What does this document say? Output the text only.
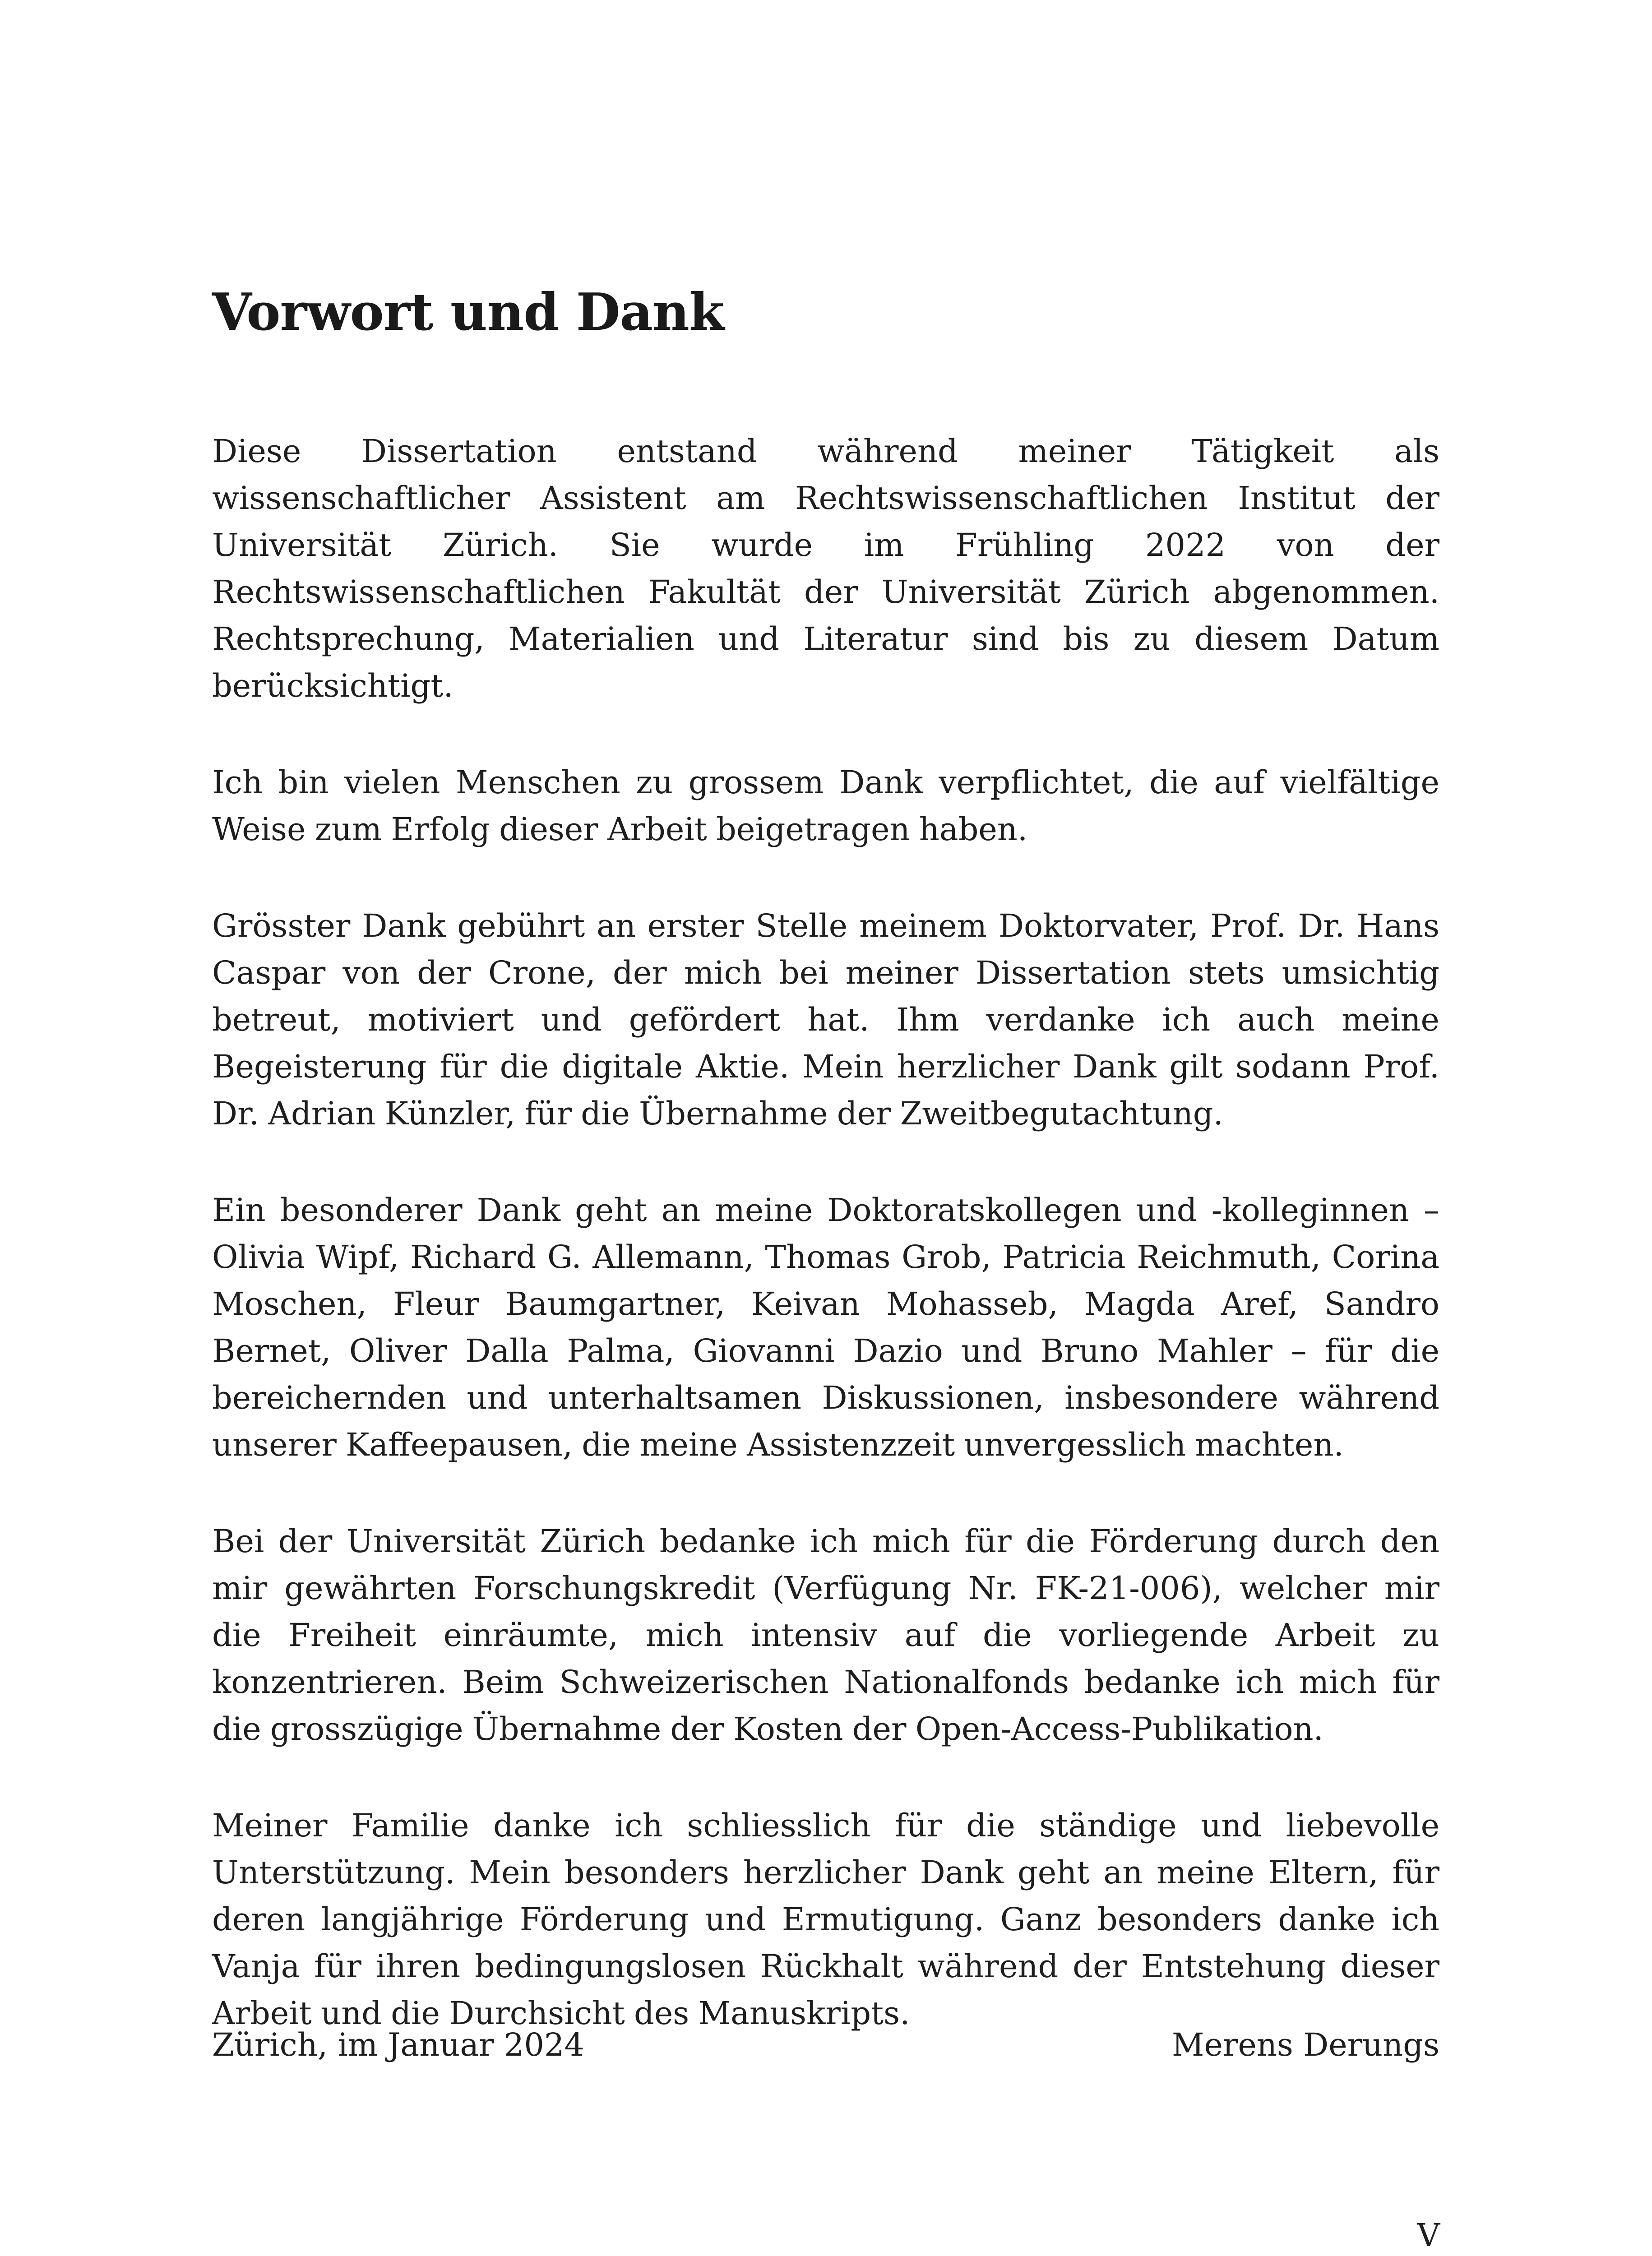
Vorwort und Dank

Diese Dissertation entstand während meiner Tätigkeit als wissenschaftlicher Assistent am Rechtswissenschaftlichen Institut der Universität Zürich. Sie wurde im Frühling 2022 von der Rechtswissenschaftlichen Fakultät der Universität Zürich abgenommen. Rechtsprechung, Materialien und Literatur sind bis zu diesem Datum berücksichtigt.

Ich bin vielen Menschen zu grossem Dank verpflichtet, die auf vielfältige Weise zum Erfolg dieser Arbeit beigetragen haben.

Grösster Dank gebührt an erster Stelle meinem Doktorvater, Prof. Dr. Hans Caspar von der Crone, der mich bei meiner Dissertation stets umsichtig betreut, motiviert und gefördert hat. Ihm verdanke ich auch meine Begeisterung für die digitale Aktie. Mein herzlicher Dank gilt sodann Prof. Dr. Adrian Künzler, für die Übernahme der Zweitbegutachtung.

Ein besonderer Dank geht an meine Doktoratskollegen und -kolleginnen – Olivia Wipf, Richard G. Allemann, Thomas Grob, Patricia Reichmuth, Corina Moschen, Fleur Baumgartner, Keivan Mohasseb, Magda Aref, Sandro Bernet, Oliver Dalla Palma, Giovanni Dazio und Bruno Mahler – für die bereichernden und unterhaltsamen Diskussionen, insbesondere während unserer Kaffeepausen, die meine Assistenzzeit unvergesslich machten.

Bei der Universität Zürich bedanke ich mich für die Förderung durch den mir gewährten Forschungskredit (Verfügung Nr. FK-21-006), welcher mir die Freiheit einräumte, mich intensiv auf die vorliegende Arbeit zu konzentrieren. Beim Schweizerischen Nationalfonds bedanke ich mich für die grosszügige Übernahme der Kosten der Open-Access-Publikation.

Meiner Familie danke ich schliesslich für die ständige und liebevolle Unterstützung. Mein besonders herzlicher Dank geht an meine Eltern, für deren langjährige Förderung und Ermutigung. Ganz besonders danke ich Vanja für ihren bedingungslosen Rückhalt während der Entstehung dieser Arbeit und die Durchsicht des Manuskripts.

Zürich, im Januar 2024	Merens Derungs
V
